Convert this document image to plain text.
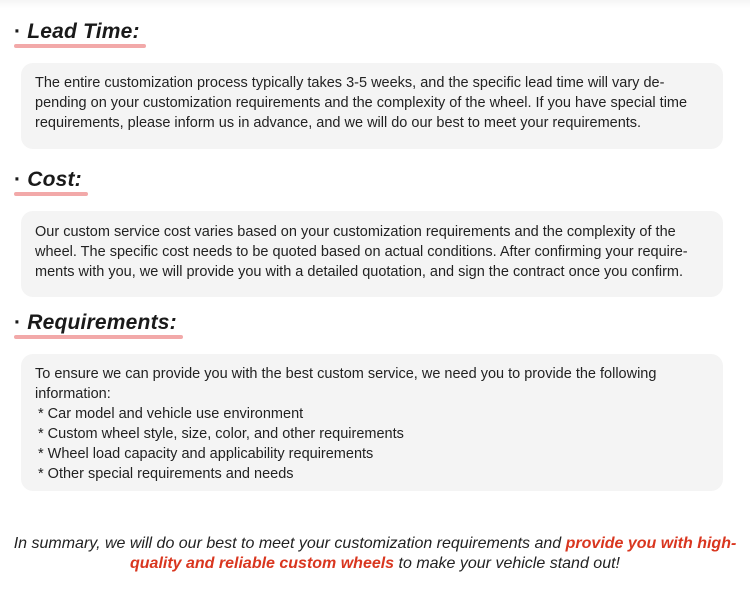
· Lead Time:

The entire customization process typically takes 3-5 weeks, and the specific lead time will vary de-pending on your customization requirements and the complexity of the wheel. If you have special time requirements, please inform us in advance, and we will do our best to meet your requirements.

· Cost:

Our custom service cost varies based on your customization requirements and the complexity of the wheel. The specific cost needs to be quoted based on actual conditions. After confirming your require-ments with you, we will provide you with a detailed quotation, and sign the contract once you confirm.

· Requirements:

To ensure we can provide you with the best custom service, we need you to provide the following information:

* Car model and vehicle use environment
* Custom wheel style, size, color, and other requirements
* Wheel load capacity and applicability requirements
* Other special requirements and needs
In summary, we will do our best to meet your customization requirements and provide you with high-quality and reliable custom wheels to make your vehicle stand out!
